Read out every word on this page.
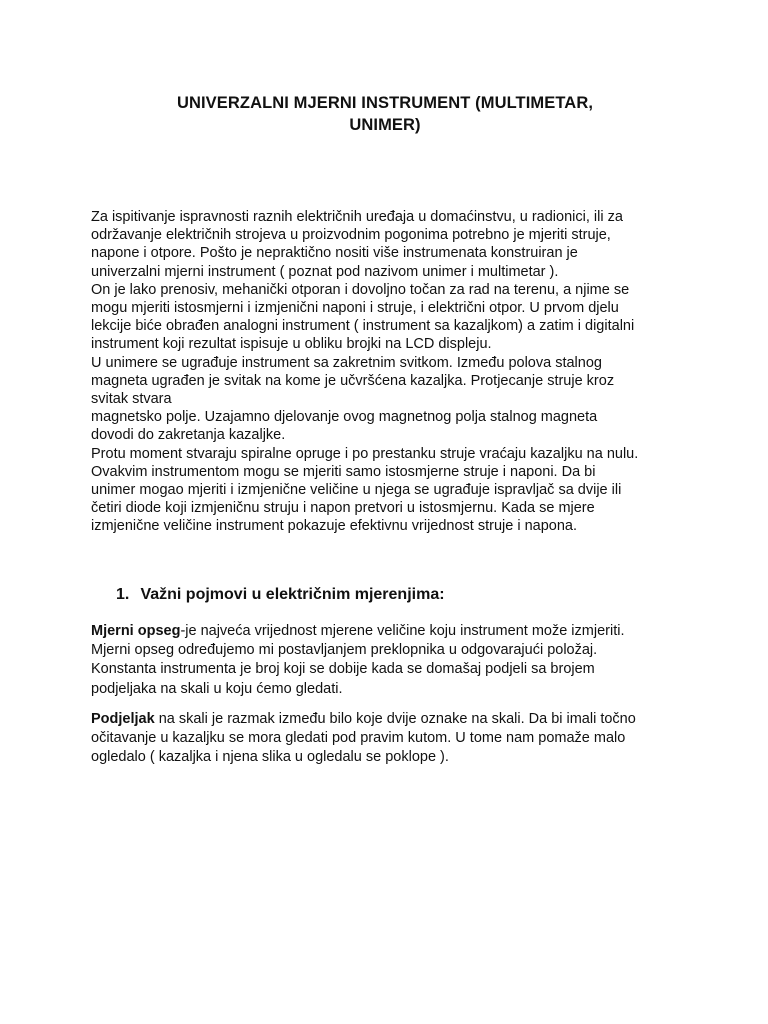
UNIVERZALNI MJERNI INSTRUMENT (MULTIMETAR,
UNIMER)
Za ispitivanje ispravnosti raznih električnih uređaja u domaćinstvu, u radionici, ili za
održavanje električnih strojeva u proizvodnim pogonima potrebno je mjeriti struje,
napone i otpore. Pošto je nepraktično nositi više instrumenata konstruiran je
univerzalni mjerni instrument ( poznat pod nazivom unimer i multimetar ).
On je lako prenosiv, mehanički otporan i dovoljno točan za rad na terenu, a njime se
mogu mjeriti istosmjerni i izmjenični naponi i struje, i električni otpor. U prvom djelu
lekcije biće obrađen analogni instrument ( instrument sa kazaljkom) a zatim i digitalni
instrument koji rezultat ispisuje u obliku brojki na LCD displeju.
U unimere se ugrađuje instrument sa zakretnim svitkom. Između polova stalnog
magneta ugrađen je svitak na kome je učvršćena kazaljka. Protjecanje struje kroz
svitak stvara
magnetsko polje. Uzajamno djelovanje ovog magnetnog polja stalnog magneta
dovodi do zakretanja kazaljke.
Protu moment stvaraju spiralne opruge i po prestanku struje vraćaju kazaljku na nulu.
Ovakvim instrumentom mogu se mjeriti samo istosmjerne struje i naponi. Da bi
unimer mogao mjeriti i izmjenične veličine u njega se ugrađuje ispravljač sa dvije ili
četiri diode koji izmjeničnu struju i napon pretvori u istosmjernu. Kada se mjere
izmjenične veličine instrument pokazuje efektivnu vrijednost struje i napona.
1. Važni pojmovi u električnim mjerenjima:
Mjerni opseg-je najveća vrijednost mjerene veličine koju instrument može izmjeriti.
Mjerni opseg određujemo mi postavljanjem preklopnika u odgovarajući položaj.
Konstanta instrumenta je broj koji se dobije kada se domašaj podjeli sa brojem
podjeljaka na skali u koju ćemo gledati.
Podjeljak na skali je razmak između bilo koje dvije oznake na skali. Da bi imali točno
očitavanje u kazaljku se mora gledati pod pravim kutom. U tome nam pomaže malo
ogledalo ( kazaljka i njena slika u ogledalu se poklope ).
